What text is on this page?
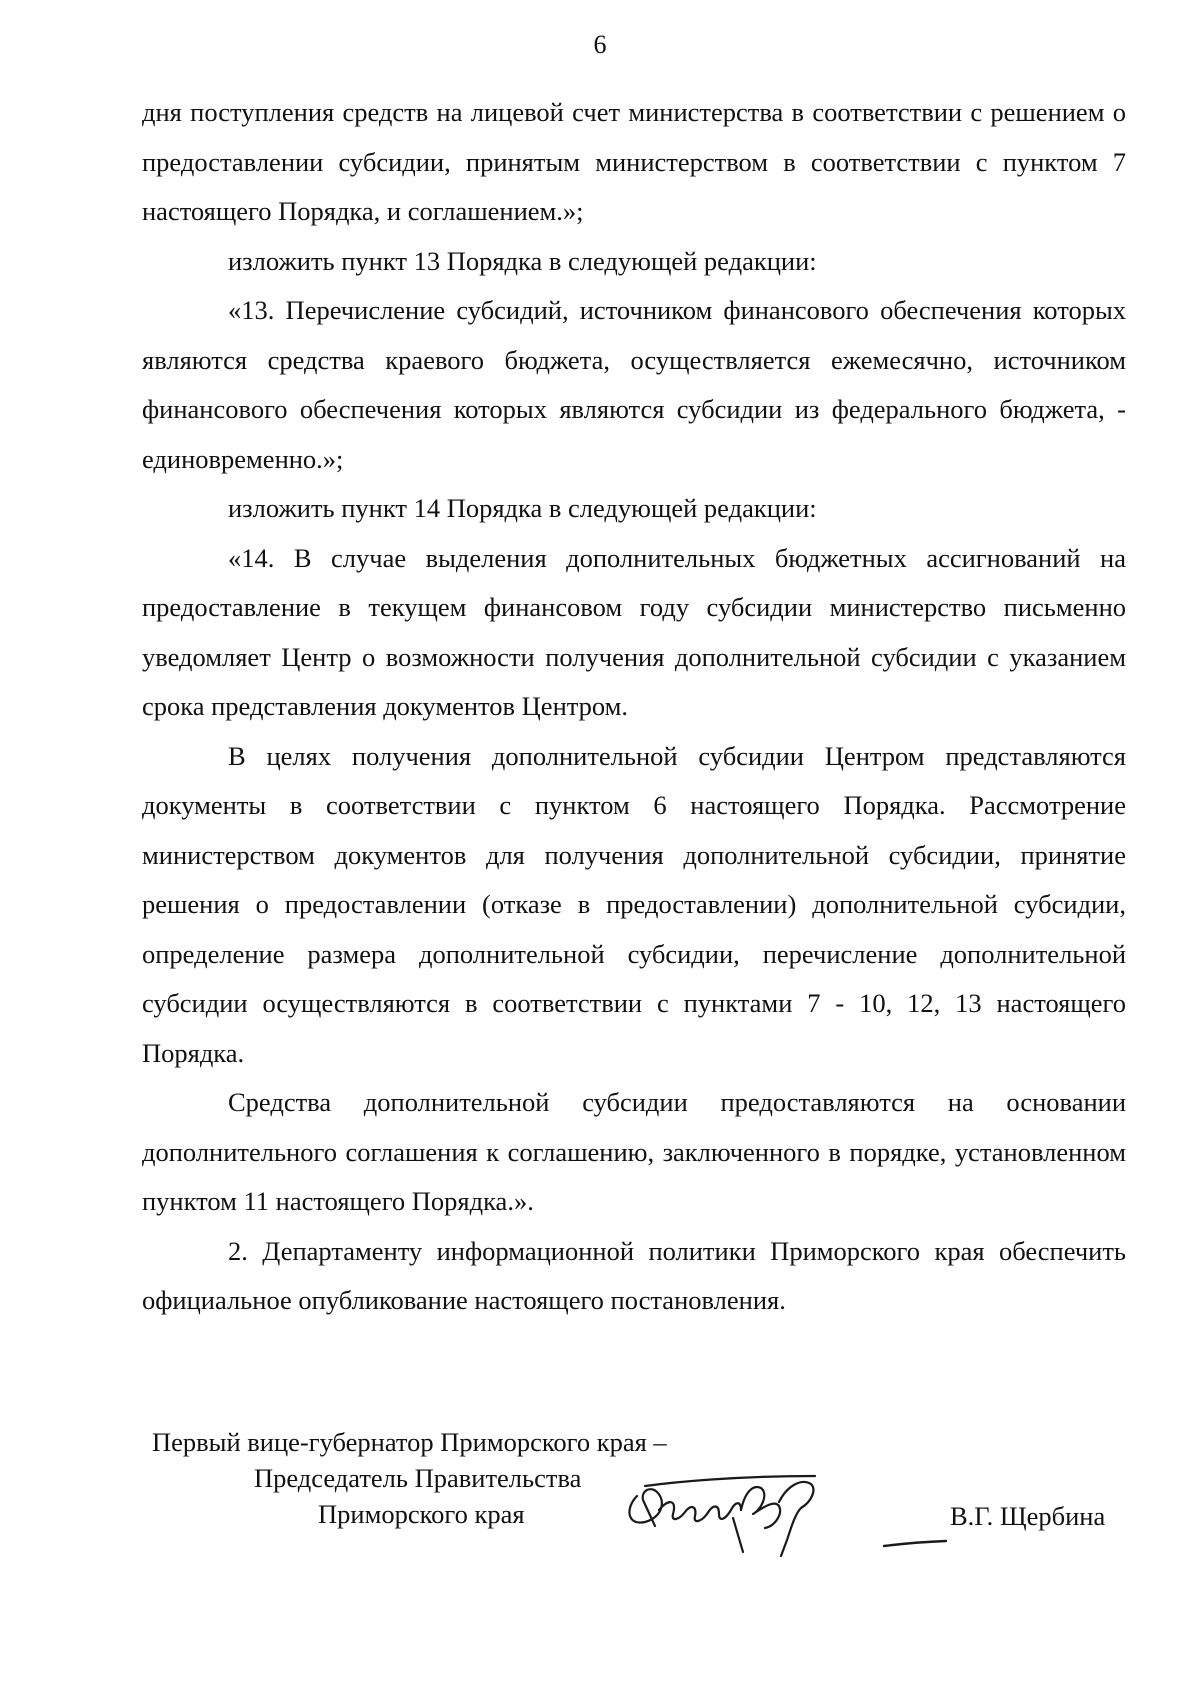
6

дня поступления средств на лицевой счет министерства в соответствии с решением о предоставлении субсидии, принятым министерством в соответствии с пунктом 7 настоящего Порядка, и соглашением.»;

изложить пункт 13 Порядка в следующей редакции:

«13. Перечисление субсидий, источником финансового обеспечения которых являются средства краевого бюджета, осуществляется ежемесячно, источником финансового обеспечения которых являются субсидии из федерального бюджета, - единовременно.»;

изложить пункт 14 Порядка в следующей редакции:

«14. В случае выделения дополнительных бюджетных ассигнований на предоставление в текущем финансовом году субсидии министерство письменно уведомляет Центр о возможности получения дополнительной субсидии с указанием срока представления документов Центром.

В целях получения дополнительной субсидии Центром представляются документы в соответствии с пунктом 6 настоящего Порядка. Рассмотрение министерством документов для получения дополнительной субсидии, принятие решения о предоставлении (отказе в предоставлении) дополнительной субсидии, определение размера дополнительной субсидии, перечисление дополнительной субсидии осуществляются в соответствии с пунктами 7 - 10, 12, 13 настоящего Порядка.

Средства дополнительной субсидии предоставляются на основании дополнительного соглашения к соглашению, заключенного в порядке, установленном пунктом 11 настоящего Порядка.».

2. Департаменту информационной политики Приморского края обеспечить официальное опубликование настоящего постановления.

Первый вице-губернатор Приморского края –
Председатель Правительства
Приморского края	В.Г. Щербина
